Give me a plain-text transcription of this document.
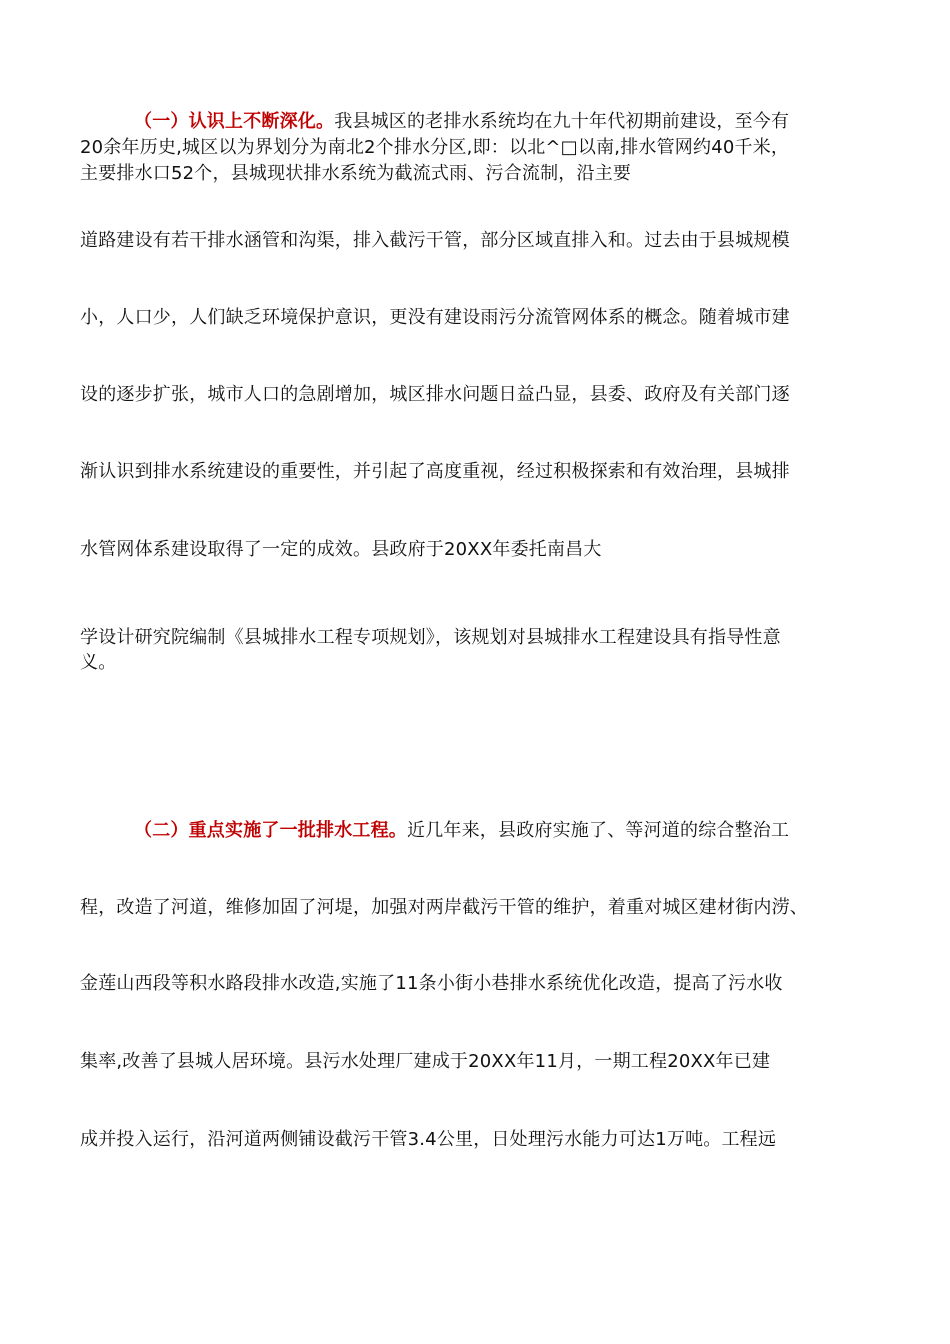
（一）认识上不断深化。我县城区的老排水系统均在九十年代初期前建设，至今有
20余年历史,城区以为界划分为南北2个排水分区,即：以北^□以南,排水管网约40千米，
主要排水口52个，县城现状排水系统为截流式雨、污合流制，沿主要
道路建设有若干排水涵管和沟渠，排入截污干管，部分区域直排入和。过去由于县城规模
小，人口少，人们缺乏环境保护意识，更没有建设雨污分流管网体系的概念。随着城市建
设的逐步扩张，城市人口的急剧增加，城区排水问题日益凸显，县委、政府及有关部门逐
渐认识到排水系统建设的重要性，并引起了高度重视，经过积极探索和有效治理，县城排
水管网体系建设取得了一定的成效。县政府于20XX年委托南昌大
学设计研究院编制《县城排水工程专项规划》，该规划对县城排水工程建设具有指导性意
义。
（二）重点实施了一批排水工程。近几年来，县政府实施了、等河道的综合整治工
程，改造了河道，维修加固了河堤，加强对两岸截污干管的维护，着重对城区建材街内涝、
金莲山西段等积水路段排水改造,实施了11条小街小巷排水系统优化改造，提高了污水收
集率,改善了县城人居环境。县污水处理厂建成于20XX年11月，一期工程20XX年已建
成并投入运行，沿河道两侧铺设截污干管3.4公里，日处理污水能力可达1万吨。工程远
